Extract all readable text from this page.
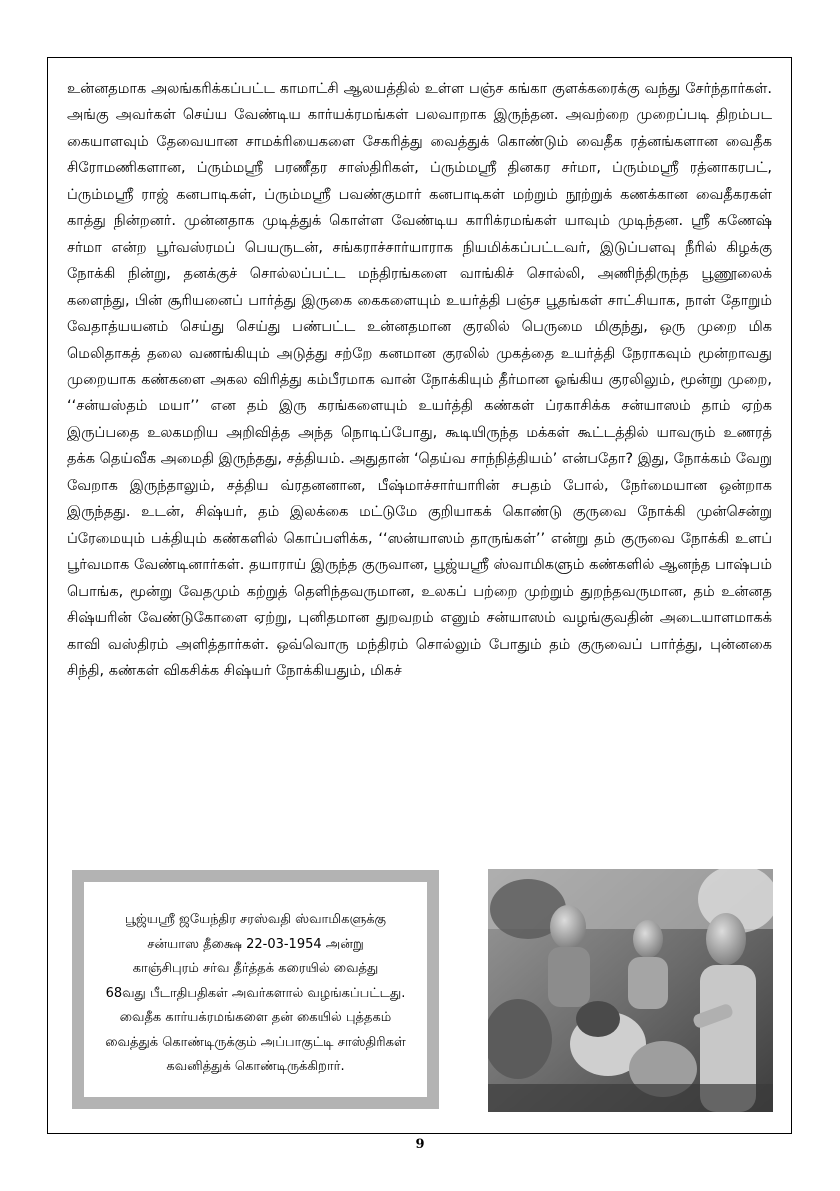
உன்னதமாக அலங்கரிக்கப்பட்ட காமாட்சி ஆலயத்தில் உள்ள பஞ்ச கங்கா குளக்கரைக்கு வந்து சேர்ந்தார்கள். அங்கு அவர்கள் செய்ய வேண்டிய கார்யக்ரமங்கள் பலவாறாக இருந்தன. அவற்றை முறைப்படி திறம்பட கையாளவும் தேவையான சாமக்ரியைகளை சேகரித்து வைத்துக் கொண்டும் வைதீக ரத்னங்களான வைதீக சிரோமணிகளான, ப்ரும்மஸ்ரீ பரணீதர சாஸ்திரிகள், ப்ரும்மஸ்ரீ தினகர சர்மா, ப்ரும்மஸ்ரீ ரத்னாகரபட், ப்ரும்மஸ்ரீ ராஜ் கனபாடிகள், ப்ரும்மஸ்ரீ பவண்குமார் கனபாடிகள் மற்றும் நூற்றுக் கணக்கான வைதீகரகள் காத்து நின்றனர். முன்னதாக முடித்துக் கொள்ள வேண்டிய காரிக்ரமங்கள் யாவும் முடிந்தன. ஸ்ரீ கணேஷ் சர்மா என்ற பூர்வஸ்ரமப் பெயருடன், சங்கராச்சார்யாராக நியமிக்கப்பட்டவர், இடுப்பளவு நீரில் கிழக்கு நோக்கி நின்று, தனக்குச் சொல்லப்பட்ட மந்திரங்களை வாங்கிச் சொல்லி, அணிந்திருந்த பூணூலைக் களைந்து, பின் சூரியனைப் பார்த்து இருகை கைகளையும் உயர்த்தி பஞ்ச பூதங்கள் சாட்சியாக, நாள் தோறும் வேதாத்யயனம் செய்து செய்து பண்பட்ட உன்னதமான குரலில் பெருமை மிகுந்து, ஒரு முறை மிக மெலிதாகத் தலை வணங்கியும் அடுத்து சற்றே கனமான குரலில் முகத்தை உயர்த்தி நேராகவும் மூன்றாவது முறையாக கண்களை அகல விரித்து கம்பீரமாக வான் நோக்கியும் தீர்மான ஓங்கிய குரலிலும், மூன்று முறை, ‘‘சன்யஸ்தம் மயா’’ என தம் இரு கரங்களையும் உயர்த்தி கண்கள் ப்ரகாசிக்க சன்யாஸம் தாம் ஏற்க இருப்பதை உலகமறிய அறிவித்த அந்த நொடிப்போது, கூடியிருந்த மக்கள் கூட்டத்தில் யாவரும் உணரத் தக்க தெய்வீக அமைதி இருந்தது, சத்தியம். அதுதான் ‘தெய்வ சாந்நித்தியம்’ என்பதோ? இது, நோக்கம் வேறு வேறாக இருந்தாலும், சத்திய வ்ரதனனான, பீஷ்மாச்சார்யாரின் சபதம் போல், நேர்மையான ஒன்றாக இருந்தது. உடன், சிஷ்யர், தம் இலக்கை மட்டுமே குறியாகக் கொண்டு குருவை நோக்கி முன்சென்று ப்ரேமையும் பக்தியும் கண்களில் கொப்பளிக்க, ‘‘ஸன்யாஸம் தாருங்கள்’’ என்று தம் குருவை நோக்கி உளப் பூர்வமாக வேண்டினார்கள். தயாராய் இருந்த குருவான, பூஜ்யஸ்ரீ ஸ்வாமிகளும் கண்களில் ஆனந்த பாஷ்பம் பொங்க, மூன்று வேதமும் கற்றுத் தெளிந்தவருமான, உலகப் பற்றை முற்றும் துறந்தவருமான, தம் உன்னத சிஷ்யரின் வேண்டுகோளை ஏற்று, புனிதமான துறவறம் எனும் சன்யாஸம் வழங்குவதின் அடையாளமாகக் காவி வஸ்திரம் அளித்தார்கள். ஒவ்வொரு மந்திரம் சொல்லும் போதும் தம் குருவைப் பார்த்து, புன்னகை சிந்தி, கண்கள் விகசிக்க சிஷ்யர் நோக்கியதும், மிகச்

பூஜ்யஸ்ரீ ஜயேந்திர சரஸ்வதி ஸ்வாமிகளுக்கு

சன்யாஸ தீக்ஷை 22-03-1954 அன்று

காஞ்சிபுரம் சர்வ தீர்த்தக் கரையில் வைத்து

68வது பீடாதிபதிகள் அவர்களால் வழங்கப்பட்டது.

வைதீக கார்யக்ரமங்களை தன் கையில் புத்தகம்

வைத்துக் கொண்டிருக்கும் அப்பாகுட்டி சாஸ்திரிகள்

கவனித்துக் கொண்டிருக்கிறார்.

9
